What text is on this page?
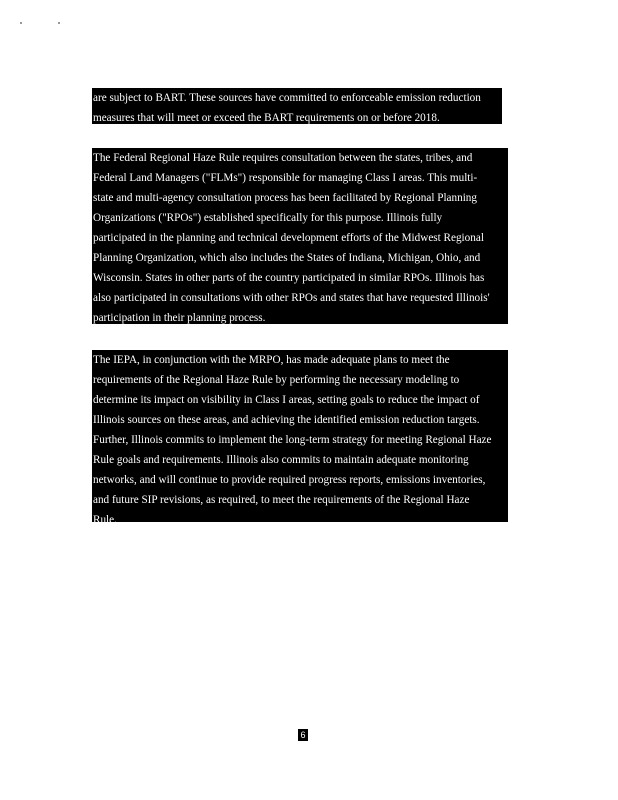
are subject to BART. These sources have committed to enforceable emission reduction
measures that will meet or exceed the BART requirements on or before 2018.
The Federal Regional Haze Rule requires consultation between the states, tribes, and
Federal Land Managers ("FLMs") responsible for managing Class I areas. This multi-
state and multi-agency consultation process has been facilitated by Regional Planning
Organizations ("RPOs") established specifically for this purpose. Illinois fully
participated in the planning and technical development efforts of the Midwest Regional
Planning Organization, which also includes the States of Indiana, Michigan, Ohio, and
Wisconsin. States in other parts of the country participated in similar RPOs. Illinois has
also participated in consultations with other RPOs and states that have requested Illinois'
participation in their planning process.
The IEPA, in conjunction with the MRPO, has made adequate plans to meet the
requirements of the Regional Haze Rule by performing the necessary modeling to
determine its impact on visibility in Class I areas, setting goals to reduce the impact of
Illinois sources on these areas, and achieving the identified emission reduction targets.
Further, Illinois commits to implement the long-term strategy for meeting Regional Haze
Rule goals and requirements. Illinois also commits to maintain adequate monitoring
networks, and will continue to provide required progress reports, emissions inventories,
and future SIP revisions, as required, to meet the requirements of the Regional Haze
Rule.
6
